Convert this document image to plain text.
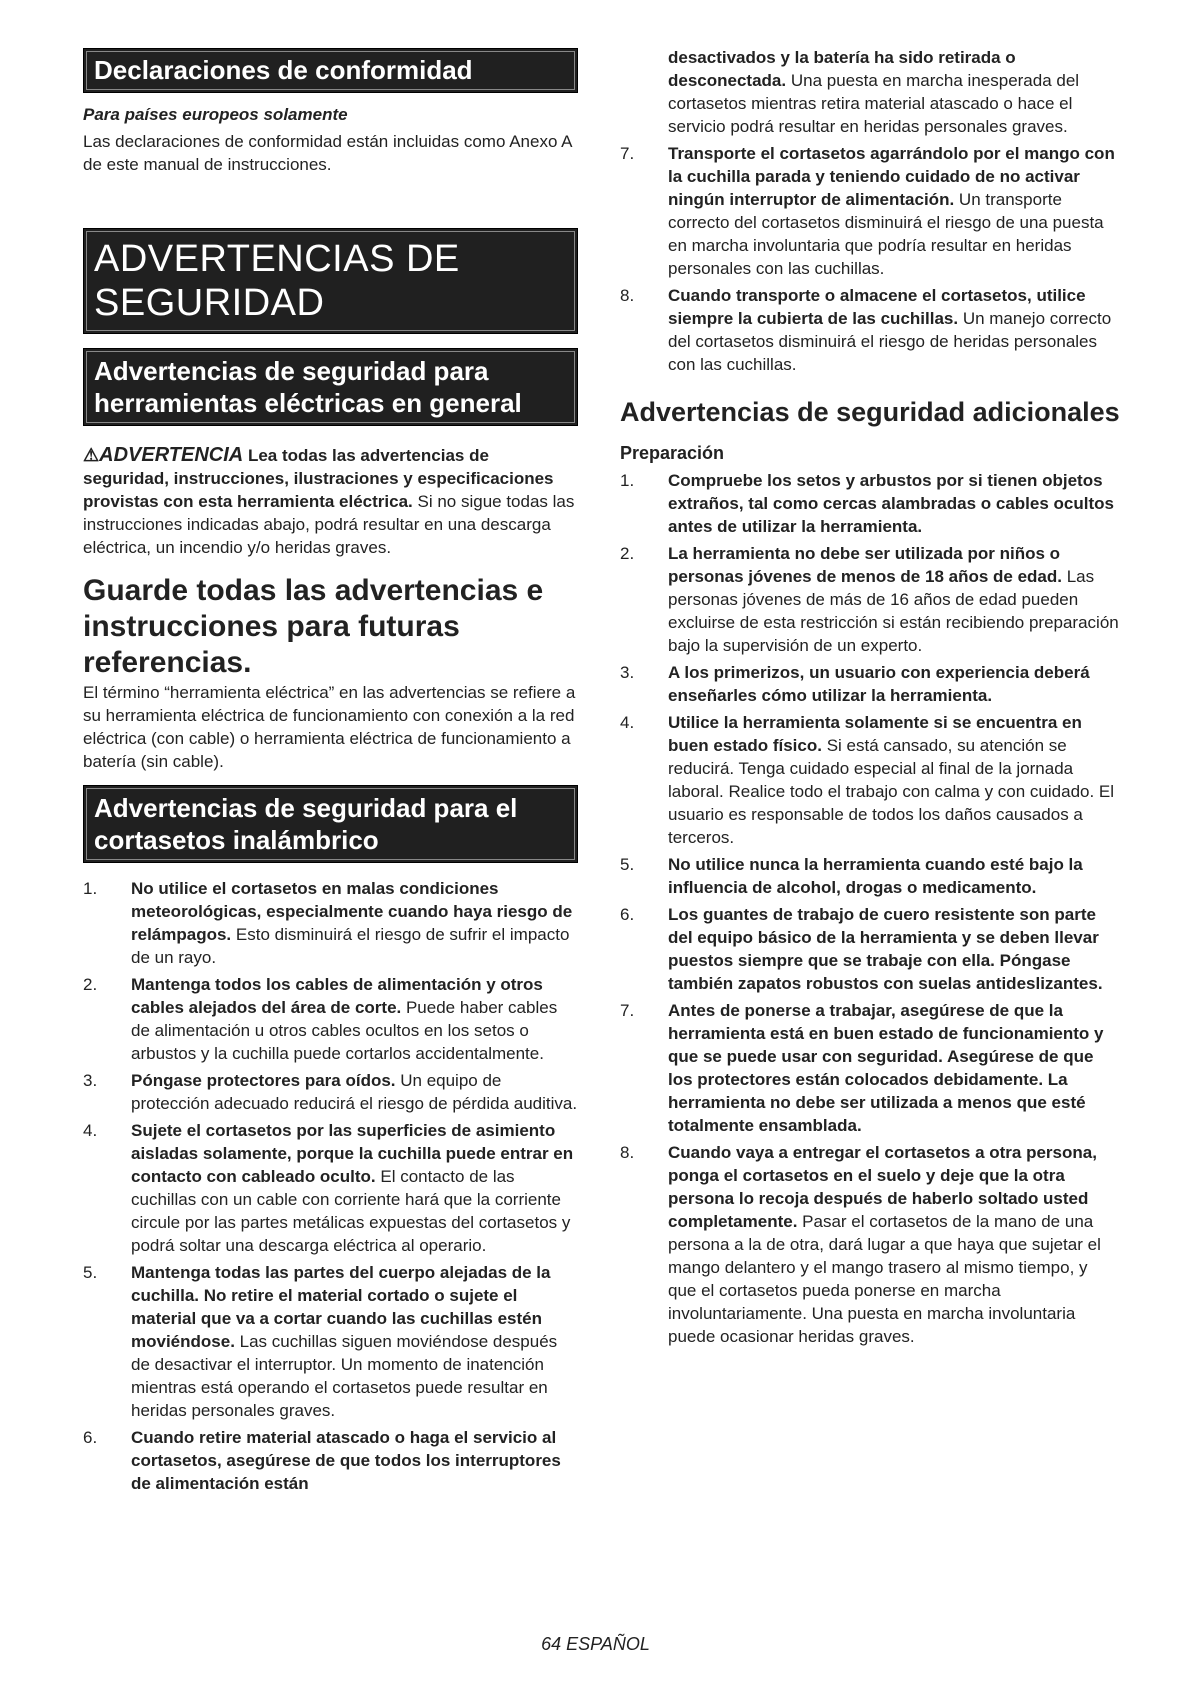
Declaraciones de conformidad
Para países europeos solamente

Las declaraciones de conformidad están incluidas como Anexo A de este manual de instrucciones.

ADVERTENCIAS DE SEGURIDAD
Advertencias de seguridad para herramientas eléctricas en general

⚠ADVERTENCIA Lea todas las advertencias de seguridad, instrucciones, ilustraciones y especificaciones provistas con esta herramienta eléctrica. Si no sigue todas las instrucciones indicadas abajo, podrá resultar en una descarga eléctrica, un incendio y/o heridas graves.

Guarde todas las advertencias e instrucciones para futuras referencias.

El término “herramienta eléctrica” en las advertencias se refiere a su herramienta eléctrica de funcionamiento con conexión a la red eléctrica (con cable) o herramienta eléctrica de funcionamiento a batería (sin cable).

Advertencias de seguridad para el cortasetos inalámbrico
1. No utilice el cortasetos en malas condiciones meteorológicas, especialmente cuando haya riesgo de relámpagos. Esto disminuirá el riesgo de sufrir el impacto de un rayo.
2. Mantenga todos los cables de alimentación y otros cables alejados del área de corte. Puede haber cables de alimentación u otros cables ocultos en los setos o arbustos y la cuchilla puede cortarlos accidentalmente.
3. Póngase protectores para oídos. Un equipo de protección adecuado reducirá el riesgo de pérdida auditiva.
4. Sujete el cortasetos por las superficies de asimiento aisladas solamente, porque la cuchilla puede entrar en contacto con cableado oculto. El contacto de las cuchillas con un cable con corriente hará que la corriente circule por las partes metálicas expuestas del cortasetos y podrá soltar una descarga eléctrica al operario.
5. Mantenga todas las partes del cuerpo alejadas de la cuchilla. No retire el material cortado o sujete el material que va a cortar cuando las cuchillas estén moviéndose. Las cuchillas siguen moviéndose después de desactivar el interruptor. Un momento de inatención mientras está operando el cortasetos puede resultar en heridas personales graves.
6. Cuando retire material atascado o haga el servicio al cortasetos, asegúrese de que todos los interruptores de alimentación están

desactivados y la batería ha sido retirada o desconectada. Una puesta en marcha inesperada del cortasetos mientras retira material atascado o hace el servicio podrá resultar en heridas personales graves.

7. Transporte el cortasetos agarrándolo por el mango con la cuchilla parada y teniendo cuidado de no activar ningún interruptor de alimentación. Un transporte correcto del cortasetos disminuirá el riesgo de una puesta en marcha involuntaria que podría resultar en heridas personales con las cuchillas.
8. Cuando transporte o almacene el cortasetos, utilice siempre la cubierta de las cuchillas. Un manejo correcto del cortasetos disminuirá el riesgo de heridas personales con las cuchillas.
Advertencias de seguridad adicionales
Preparación
1. Compruebe los setos y arbustos por si tienen objetos extraños, tal como cercas alambradas o cables ocultos antes de utilizar la herramienta.
2. La herramienta no debe ser utilizada por niños o personas jóvenes de menos de 18 años de edad. Las personas jóvenes de más de 16 años de edad pueden excluirse de esta restricción si están recibiendo preparación bajo la supervisión de un experto.
3. A los primerizos, un usuario con experiencia deberá enseñarles cómo utilizar la herramienta.
4. Utilice la herramienta solamente si se encuentra en buen estado físico. Si está cansado, su atención se reducirá. Tenga cuidado especial al final de la jornada laboral. Realice todo el trabajo con calma y con cuidado. El usuario es responsable de todos los daños causados a terceros.
5. No utilice nunca la herramienta cuando esté bajo la influencia de alcohol, drogas o medicamento.
6. Los guantes de trabajo de cuero resistente son parte del equipo básico de la herramienta y se deben llevar puestos siempre que se trabaje con ella. Póngase también zapatos robustos con suelas antideslizantes.
7. Antes de ponerse a trabajar, asegúrese de que la herramienta está en buen estado de funcionamiento y que se puede usar con seguridad. Asegúrese de que los protectores están colocados debidamente. La herramienta no debe ser utilizada a menos que esté totalmente ensamblada.
8. Cuando vaya a entregar el cortasetos a otra persona, ponga el cortasetos en el suelo y deje que la otra persona lo recoja después de haberlo soltado usted completamente. Pasar el cortasetos de la mano de una persona a la de otra, dará lugar a que haya que sujetar el mango delantero y el mango trasero al mismo tiempo, y que el cortasetos pueda ponerse en marcha involuntariamente. Una puesta en marcha involuntaria puede ocasionar heridas graves.
64 ESPAÑOL
